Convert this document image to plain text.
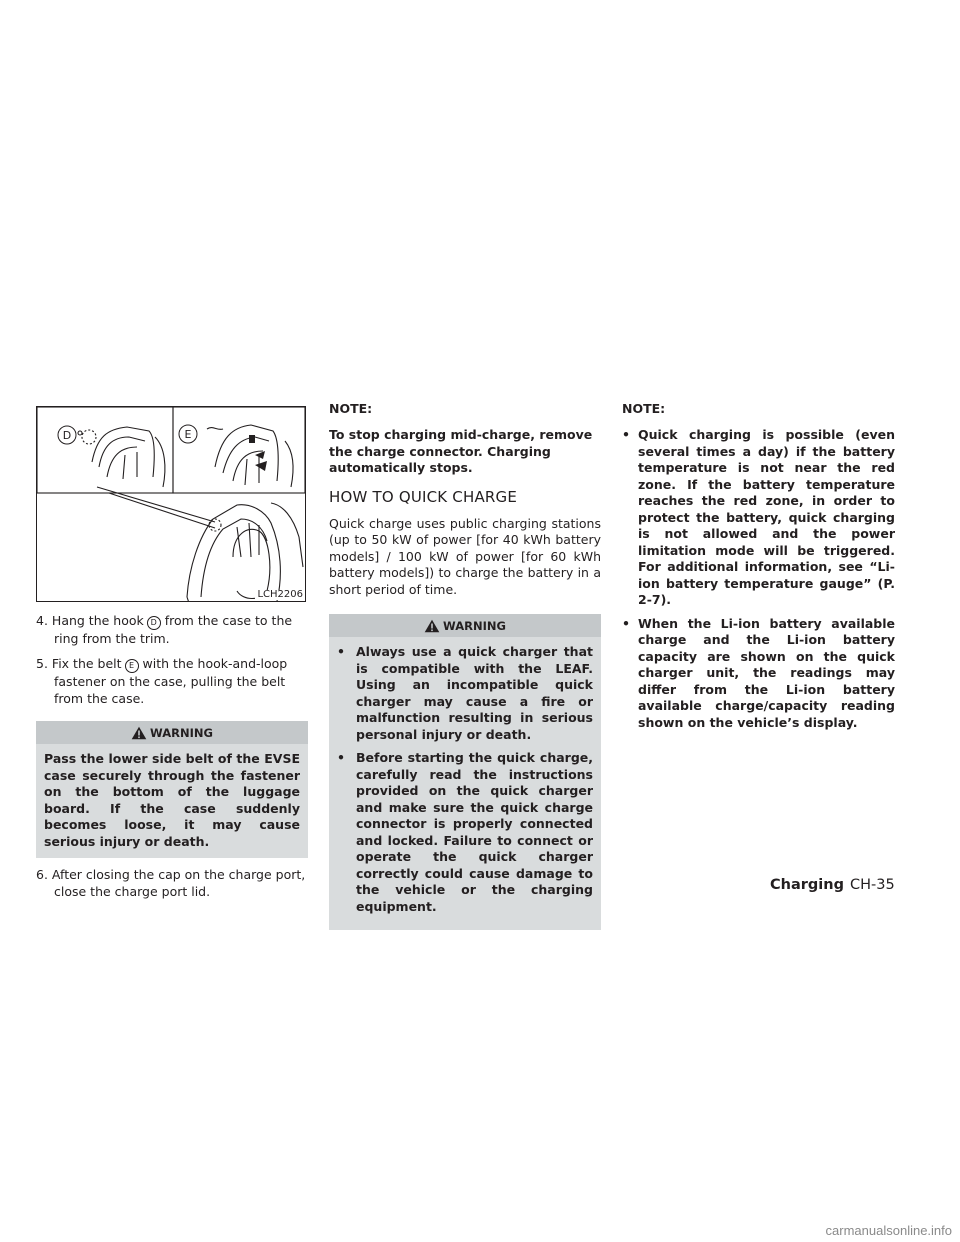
D	E
LCH2206

4. Hang the hook D from the case to the ring from the trim.

5. Fix the belt E with the hook-and-loop fastener on the case, pulling the belt from the case.

WARNING
Pass the lower side belt of the EVSE case securely through the fastener on the bottom of the luggage board. If the case suddenly becomes loose, it may cause serious injury or death.

6. After closing the cap on the charge port, close the charge port lid.

NOTE:

To stop charging mid-charge, remove the charge connector. Charging automatically stops.

HOW TO QUICK CHARGE

Quick charge uses public charging stations (up to 50 kW of power [for 40 kWh battery models] / 100 kW of power [for 60 kWh battery models]) to charge the battery in a short period of time.

WARNING
• Always use a quick charger that is compatible with the LEAF. Using an incompatible quick charger may cause a fire or malfunction resulting in serious personal injury or death.
• Before starting the quick charge, carefully read the instructions provided on the quick charger and make sure the quick charge connector is properly connected and locked. Failure to connect or operate the quick charger correctly could cause damage to the vehicle or the charging equipment.

NOTE:

• Quick charging is possible (even several times a day) if the battery temperature is not near the red zone. If the battery temperature reaches the red zone, in order to protect the battery, quick charging is not allowed and the power limitation mode will be triggered. For additional information, see “Li-ion battery temperature gauge” (P. 2-7).
• When the Li-ion battery available charge and the Li-ion battery capacity are shown on the quick charger unit, the readings may differ from the Li-ion battery available charge/capacity reading shown on the vehicle’s display.
Charging CH-35
carmanualsonline.info
